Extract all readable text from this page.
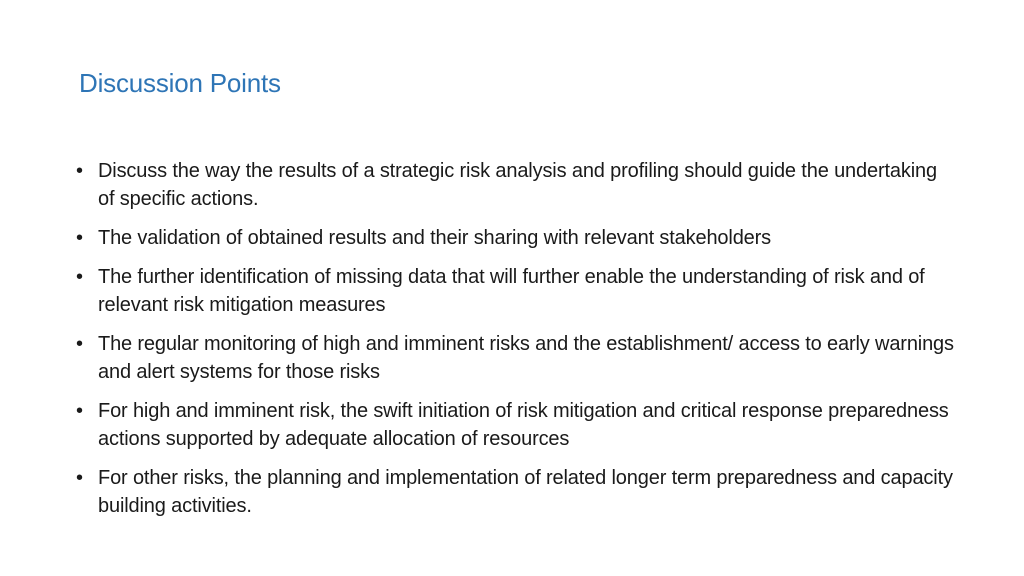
Discussion Points
• Discuss the way the results of a strategic risk analysis and profiling should guide the undertaking of specific actions.
• The validation of obtained results and their sharing with relevant stakeholders
• The further identification of missing data that will further enable the understanding of risk and of relevant risk mitigation measures
• The regular monitoring of high and imminent risks and the establishment/ access to early warnings and alert systems for those risks
• For high and imminent risk, the swift initiation of risk mitigation and critical response preparedness actions supported by adequate allocation of resources
• For other risks, the planning and implementation of related longer term preparedness and capacity building activities.
